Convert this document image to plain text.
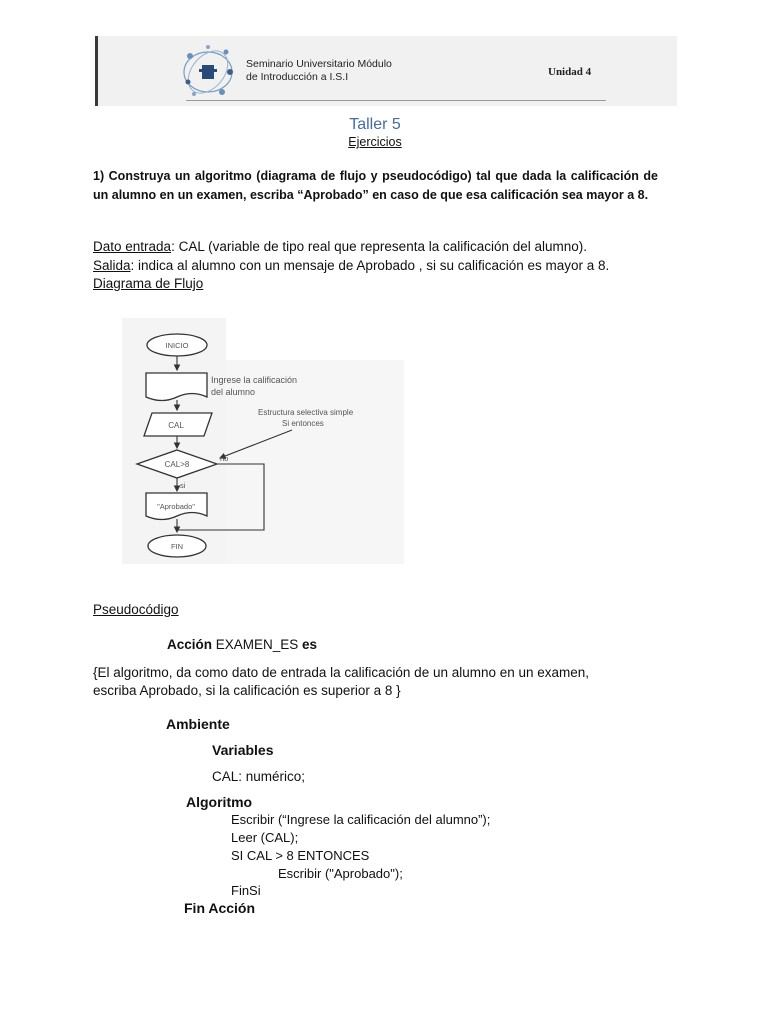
Seminario Universitario Módulo
de Introducción a I.S.I	Unidad 4
Taller 5
Ejercicios
1) Construya un algoritmo (diagrama de flujo y pseudocódigo) tal que dada la calificación de un alumno en un examen, escriba “Aprobado” en caso de que esa calificación sea mayor a 8.
Dato entrada: CAL (variable de tipo real que representa la calificación del alumno).
Salida: indica al alumno con un mensaje de Aprobado , si su calificación es mayor a 8.
Diagrama de Flujo
INICIO
Ingrese la calificación
del alumno
CAL
Estructura selectiva simple
Si entonces
CAL>8
no
si
"Aprobado"
FIN
Pseudocódigo
Acción EXAMEN_ES es
{El algoritmo, da como dato de entrada la calificación de un alumno en un examen,
escriba Aprobado, si la calificación es superior a 8 }
Ambiente
Variables
CAL: numérico;
Algoritmo
Escribir (“Ingrese la calificación del alumno”);
Leer (CAL);
SI CAL > 8 ENTONCES
Escribir ("Aprobado");
FinSi
Fin Acción
